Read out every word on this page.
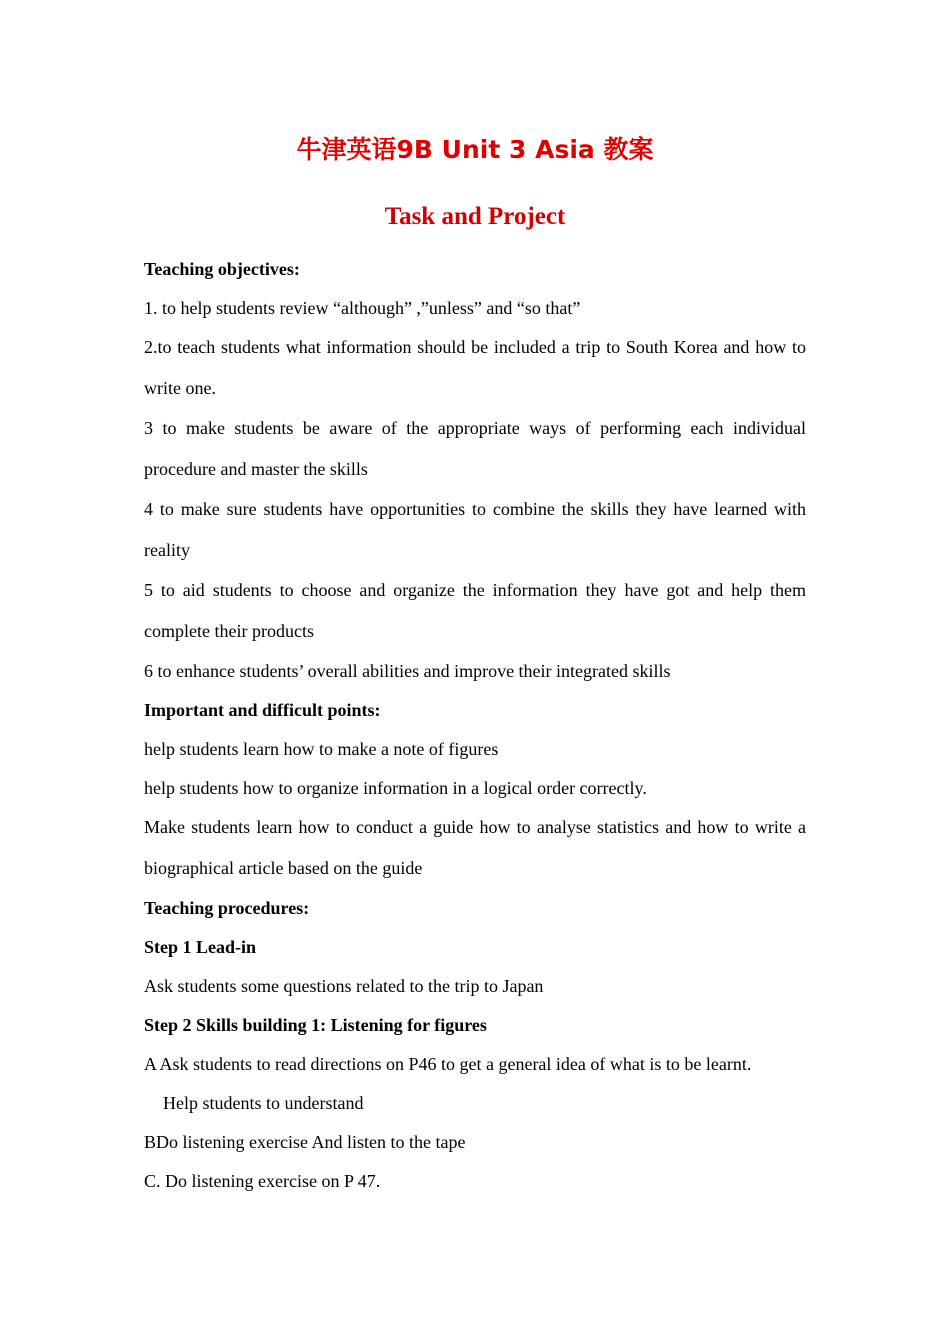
牛津英语9B Unit 3 Asia 教案
Task and Project
Teaching objectives:
1. to help students review “although” ,”unless” and “so that”
2.to teach students what information should be included a trip to South Korea and how to write one.
3 to make students be aware of the appropriate ways of performing each individual procedure and master the skills
4 to make sure students have opportunities to combine the skills they have learned with reality
5 to aid students to choose and organize the information they have got and help them complete their products
6 to enhance students’ overall abilities and improve their integrated skills
Important and difficult points:
help students learn how to make a note of figures
help students how to organize information in a logical order correctly.
Make students learn how to conduct a guide how to analyse statistics and how to write a biographical article based on the guide
Teaching procedures:
Step 1 Lead-in
Ask students some questions related to the trip to Japan
Step 2 Skills building 1: Listening for figures
A Ask students to read directions on P46 to get a general idea of what is to be learnt.
Help students to understand
BDo listening exercise And listen to the tape
C. Do listening exercise on P 47.
